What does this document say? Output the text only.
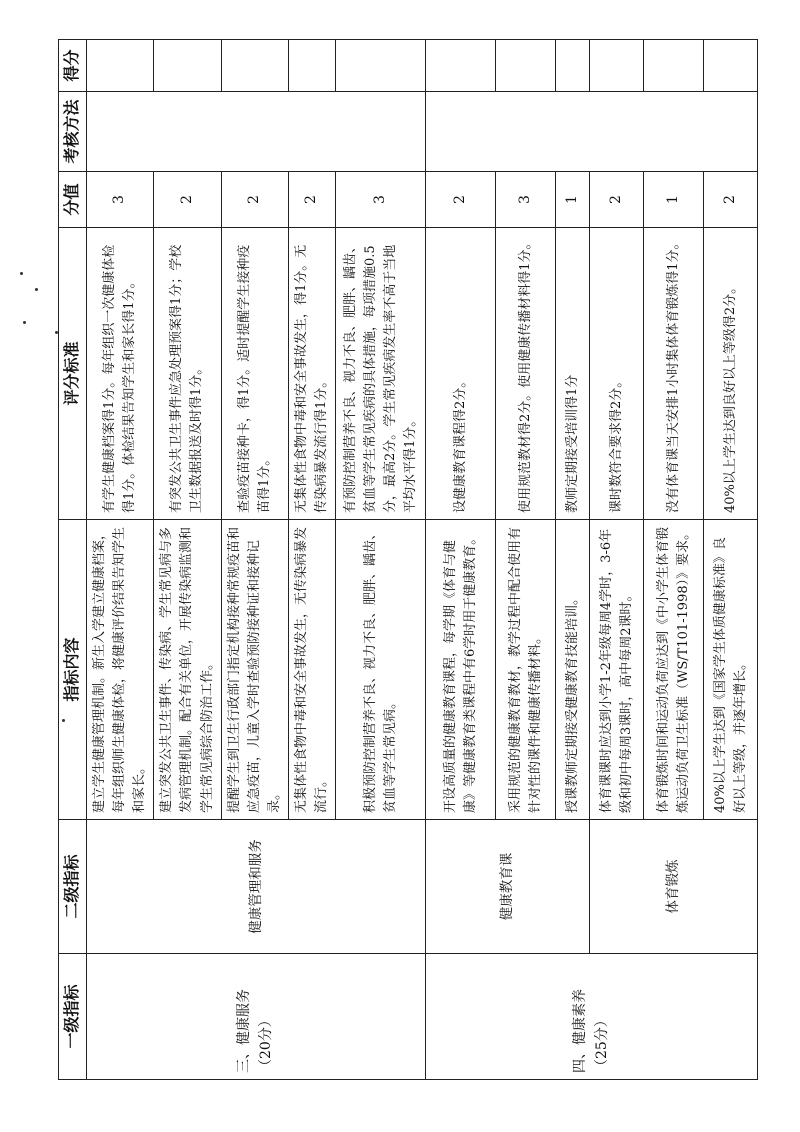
一级指标	二级指标	指标内容	评分标准	分值	考核方法	得分
三、健康服务（20分）	健康管理和服务	建立学生健康管理机制。新生入学建立健康档案，每年组织师生健康体检，将健康评价结果告知学生和家长。	有学生健康档案得1分。每年组织一次健康体检得1分。体检结果告知学生和家长得1分。	3		
		建立突发公共卫生事件、传染病、学生常见病与多发病管理机制。配合有关单位，开展传染病监测和学生常见病综合防治工作。	有突发公共卫生事件应急处理预案得1分；学校卫生数据报送及时得1分。	2		
		提醒学生到卫生行政部门指定机构接种常规疫苗和应急疫苗，儿童入学时查验预防接种证和接种记录。	查验疫苗接种卡，得1分。适时提醒学生接种疫苗得1分。	2		
		无集体性食物中毒和安全事故发生，无传染病暴发流行。	无集体性食物中毒和安全事故发生，得1分。无传染病暴发流行得1分。	2		
		积极预防控制营养不良、视力不良、肥胖、龋齿、贫血等学生常见病。	有预防控制营养不良、视力不良、肥胖、龋齿、贫血等学生常见疾病的具体措施，每项措施0.5分，最高2分。学生常见疾病发生率不高于当地平均水平得1分。	3		
四、健康素养（25分）	健康教育课	开设高质量的健康教育课程，每学期《体育与健康》等健康教育类课程中有6学时用于健康教育。	设健康教育课程得2分。	2		
		采用规范的健康教育教材，教学过程中配合使用有针对性的课件和健康传播材料。	使用规范教材得2分。使用健康传播材料得1分。	3		
		授课教师定期接受健康教育技能培训。	教师定期接受培训得1分	1		
	体育锻炼	体育课课时应达到小学1-2年级每周4学时，3-6年级和初中每周3课时，高中每周2课时。	课时数符合要求得2分。	2		
		体育锻炼时间和运动负荷应达到《中小学生体育锻炼运动负荷卫生标准（WS/T101-1998）》要求。	没有体育课当天安排1小时集体体育锻炼得1分。	1		
		40%以上学生达到《国家学生体质健康标准》良好以上等级，并逐年增长。	40%以上学生达到良好以上等级得2分。	2		
